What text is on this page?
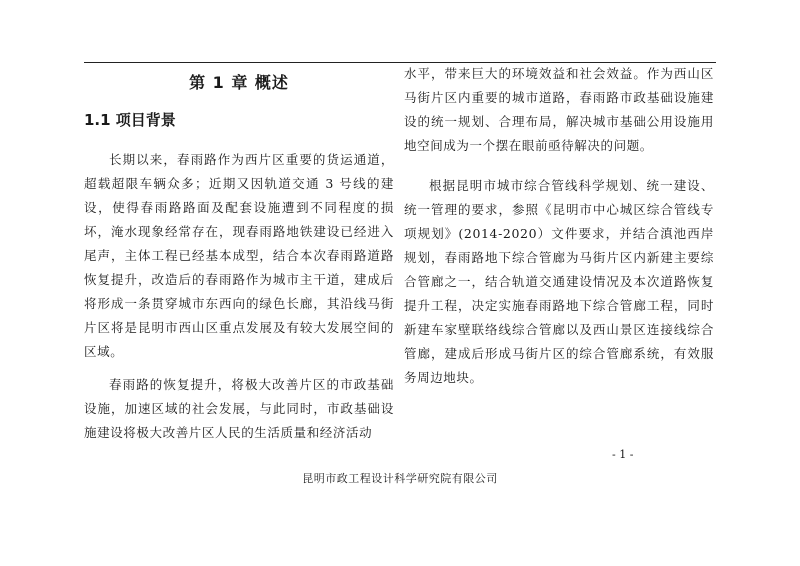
第 1 章 概述
1.1 项目背景

长期以来，春雨路作为西片区重要的货运通道，超载超限车辆众多；近期又因轨道交通 3 号线的建设，使得春雨路路面及配套设施遭到不同程度的损坏，淹水现象经常存在，现春雨路地铁建设已经进入尾声，主体工程已经基本成型，结合本次春雨路道路恢复提升，改造后的春雨路作为城市主干道，建成后将形成一条贯穿城市东西向的绿色长廊，其沿线马街片区将是昆明市西山区重点发展及有较大发展空间的区域。

春雨路的恢复提升，将极大改善片区的市政基础设施，加速区域的社会发展，与此同时，市政基础设施建设将极大改善片区人民的生活质量和经济活动

水平，带来巨大的环境效益和社会效益。作为西山区马街片区内重要的城市道路，春雨路市政基础设施建设的统一规划、合理布局，解决城市基础公用设施用地空间成为一个摆在眼前亟待解决的问题。

根据昆明市城市综合管线科学规划、统一建设、统一管理的要求，参照《昆明市中心城区综合管线专项规划》(2014-2020）文件要求，并结合滇池西岸规划，春雨路地下综合管廊为马街片区内新建主要综合管廊之一，结合轨道交通建设情况及本次道路恢复提升工程，决定实施春雨路地下综合管廊工程，同时新建车家壁联络线综合管廊以及西山景区连接线综合管廊，建成后形成马街片区的综合管廊系统，有效服务周边地块。

- 1 -
昆明市政工程设计科学研究院有限公司
